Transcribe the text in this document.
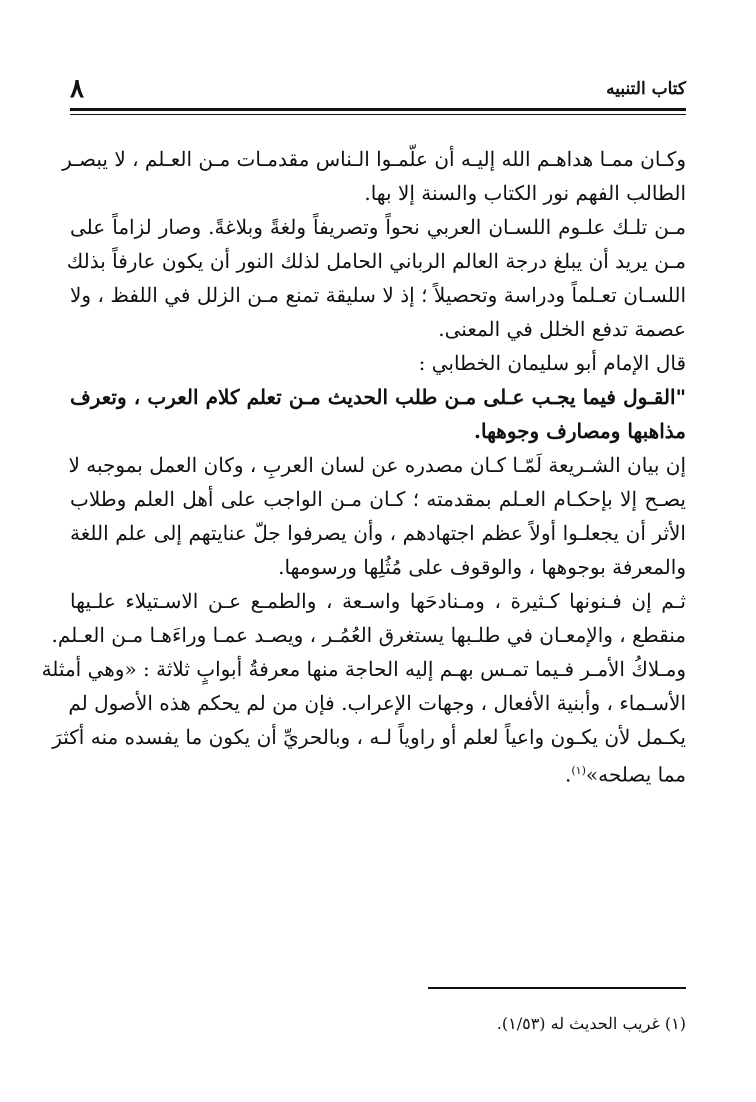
٨	كتاب التنبيه

وكـان ممـا هداهـم الله إليـه أن علّمـوا الـناس مقدمـات مـن العـلم ، لا يبصـر

الطالب الفهم نور الكتاب والسنة إلا بها.

مـن تلـك علـوم اللسـان العربي نحواً وتصريفاً ولغةً وبلاغةً. وصار لزاماً على

مـن يريد أن يبلغ درجة العالم الرباني الحامل لذلك النور أن يكون عارفاً بذلك

اللسـان تعـلماً ودراسة وتحصيلاً ؛ إذ لا سليقة تمنع مـن الزلل في اللفظ ، ولا

عصمة تدفع الخلل في المعنى.

قال الإمام أبو سليمان الخطابي :

"القـول فيما يجـب عـلى مـن طلب الحديث مـن تعلم كلام العرب ، وتعرف

مذاهبها ومصارف وجوهها.

إن بيان الشـريعة لَمّـا كـان مصدره عن لسان العربِ ، وكان العمل بموجبه لا

يصـح إلا بإحكـام العـلم بمقدمته ؛ كـان مـن الواجب على أهل العلم وطلاب

الأثر أن يجعلـوا أولاً عظم اجتهادهم ، وأن يصرفوا جلّ عنايتهم إلى علم اللغة

والمعرفة بوجوهها ، والوقوف على مُثُلِها ورسومها.

ثـم إن فـنونها كـثيرة ، ومـنادحَها واسـعة ، والطمـع عـن الاسـتيلاء علـيها

منقطع ، والإمعـان في طلـبها يستغرق العُمُـر ، ويصـد عمـا وراءَهـا مـن العـلم.

ومـلاكُ الأمـر فـيما تمـس بهـم إليه الحاجة منها معرفةُ أبوابٍ ثلاثة : «وهي أمثلة

الأسـماء ، وأبنية الأفعال ، وجهات الإعراب. فإن من لم يحكم هذه الأصول لم

يكـمل لأن يكـون واعياً لعلم أو راوياً لـه ، وبالحريِّ أن يكون ما يفسده منه أكثرَ

مما يصلحه»$^{(١)}$.

(١) غريب الحديث له (١/٥٣).
